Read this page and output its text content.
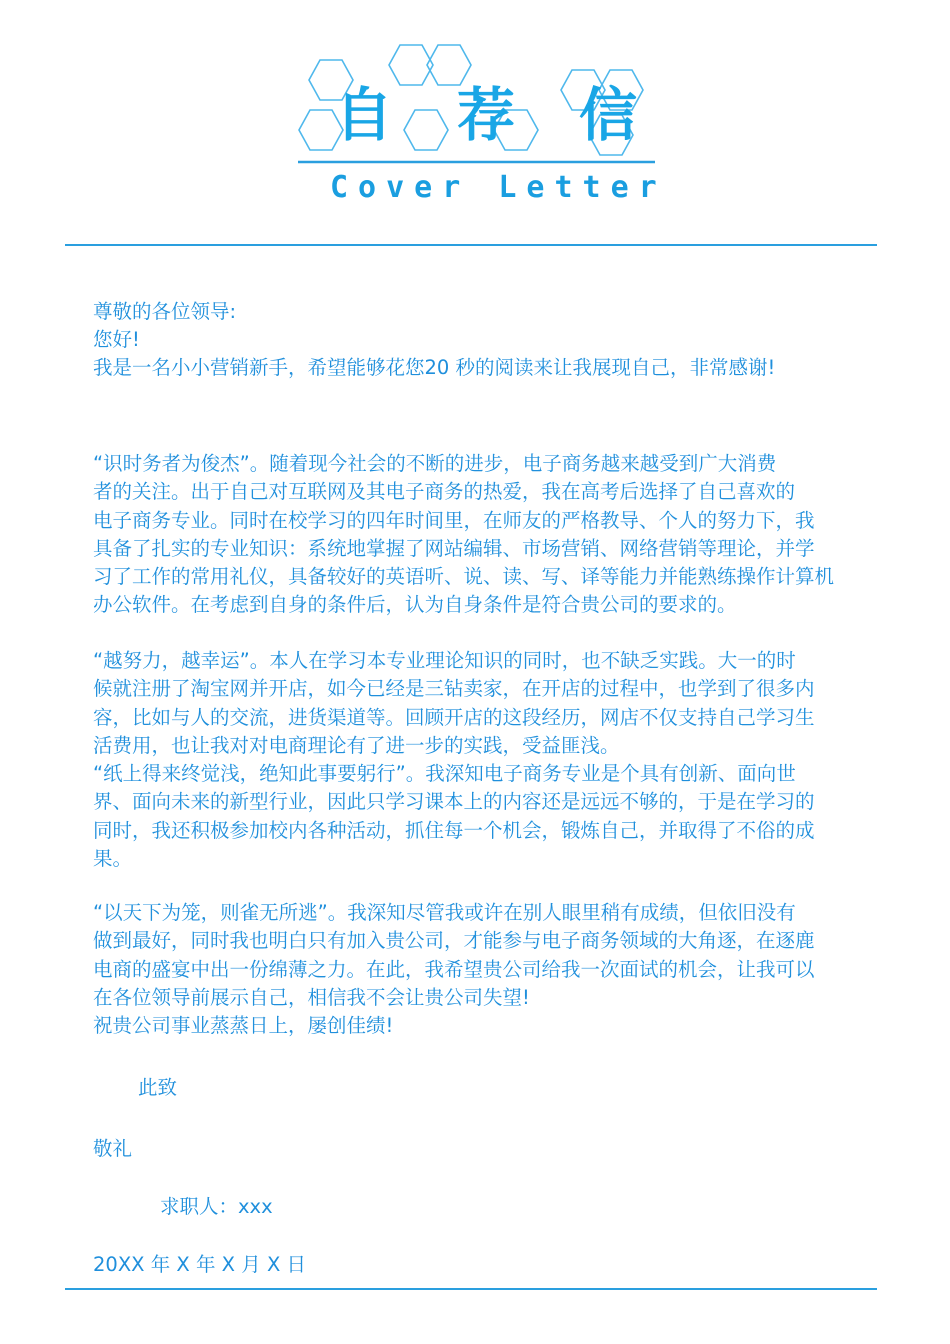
自 荐 信
Cover Letter
尊敬的各位领导:
您好!
我是一名小小营销新手，希望能够花您20 秒的阅读来让我展现自己，非常感谢!
“识时务者为俊杰”。随着现今社会的不断的进步，电子商务越来越受到广大消费
者的关注。出于自己对互联网及其电子商务的热爱，我在高考后选择了自己喜欢的
电子商务专业。同时在校学习的四年时间里，在师友的严格教导、个人的努力下，我
具备了扎实的专业知识：系统地掌握了网站编辑、市场营销、网络营销等理论，并学
习了工作的常用礼仪，具备较好的英语听、说、读、写、译等能力并能熟练操作计算机
办公软件。在考虑到自身的条件后，认为自身条件是符合贵公司的要求的。
“越努力，越幸运”。本人在学习本专业理论知识的同时，也不缺乏实践。大一的时
候就注册了淘宝网并开店，如今已经是三钻卖家，在开店的过程中，也学到了很多内
容，比如与人的交流，进货渠道等。回顾开店的这段经历，网店不仅支持自己学习生
活费用，也让我对对电商理论有了进一步的实践，受益匪浅。
“纸上得来终觉浅，绝知此事要躬行”。我深知电子商务专业是个具有创新、面向世
界、面向未来的新型行业，因此只学习课本上的内容还是远远不够的，于是在学习的
同时，我还积极参加校内各种活动，抓住每一个机会，锻炼自己，并取得了不俗的成
果。
“以天下为笼，则雀无所逃”。我深知尽管我或许在别人眼里稍有成绩，但依旧没有
做到最好，同时我也明白只有加入贵公司，才能参与电子商务领域的大角逐，在逐鹿
电商的盛宴中出一份绵薄之力。在此，我希望贵公司给我一次面试的机会，让我可以
在各位领导前展示自己，相信我不会让贵公司失望!
祝贵公司事业蒸蒸日上，屡创佳绩!
此致
敬礼
求职人：xxx
20XX 年 X 年 X 月 X 日
